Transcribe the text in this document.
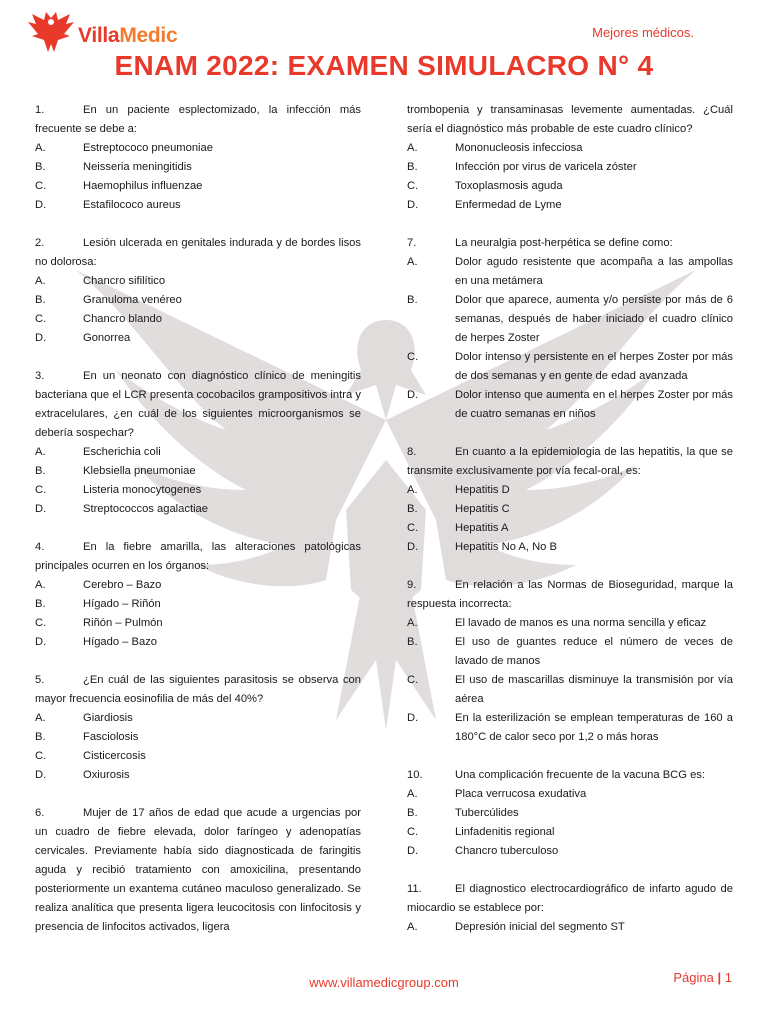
VillaMedic	Mejores médicos.
ENAM 2022: EXAMEN SIMULACRO N° 4
1.	En un paciente esplectomizado, la infección más frecuente se debe a:
A.	Estreptococo pneumoniae
B.	Neisseria meningitidis
C.	Haemophilus influenzae
D.	Estafilococo aureus
2.	Lesión ulcerada en genitales indurada y de bordes lisos no dolorosa:
A.	Chancro sifilítico
B.	Granuloma venéreo
C.	Chancro blando
D.	Gonorrea
3.	En un neonato con diagnóstico clínico de meningitis bacteriana que el LCR presenta cocobacilos grampositivos intra y extracelulares, ¿en cuál de los siguientes microorganismos se debería sospechar?
A.	Escherichia coli
B.	Klebsiella pneumoniae
C.	Listeria monocytogenes
D.	Streptococcos agalactiae
4.	En la fiebre amarilla, las alteraciones patológicas principales ocurren en los órganos:
A.	Cerebro – Bazo
B.	Hígado – Riñón
C.	Riñón – Pulmón
D.	Hígado – Bazo
5.	¿En cuál de las siguientes parasitosis se observa con mayor frecuencia eosinofilia de más del 40%?
A.	Giardiosis
B.	Fasciolosis
C.	Cisticercosis
D.	Oxiurosis
6.	Mujer de 17 años de edad que acude a urgencias por un cuadro de fiebre elevada, dolor faríngeo y adenopatías cervicales. Previamente había sido diagnosticada de faringitis aguda y recibió tratamiento con amoxicilina, presentando posteriormente un exantema cutáneo maculoso generalizado. Se realiza analítica que presenta ligera leucocitosis con linfocitosis y presencia de linfocitos activados, ligera
trombopenia y transaminasas levemente aumentadas. ¿Cuál sería el diagnóstico más probable de este cuadro clínico?
A.	Mononucleosis infecciosa
B.	Infección por virus de varicela zóster
C.	Toxoplasmosis aguda
D.	Enfermedad de Lyme
7.	La neuralgia post-herpética se define como:
A.	Dolor agudo resistente que acompaña a las ampollas en una metámera
B.	Dolor que aparece, aumenta y/o persiste por más de 6 semanas, después de haber iniciado el cuadro clínico de herpes Zoster
C.	Dolor intenso y persistente en el herpes Zoster por más de dos semanas y en gente de edad avanzada
D.	Dolor intenso que aumenta en el herpes Zoster por más de cuatro semanas en niños
8.	En cuanto a la epidemiologia de las hepatitis, la que se transmite exclusivamente por vía fecal-oral, es:
A.	Hepatitis D
B.	Hepatitis C
C.	Hepatitis A
D.	Hepatitis No A, No B
9.	En relación a las Normas de Bioseguridad, marque la respuesta incorrecta:
A.	El lavado de manos es una norma sencilla y eficaz
B.	El uso de guantes reduce el número de veces de lavado de manos
C.	El uso de mascarillas disminuye la transmisión por vía aérea
D.	En la esterilización se emplean temperaturas de 160 a 180°C de calor seco por 1,2 o más horas
10.	Una complicación frecuente de la vacuna BCG es:
A.	Placa verrucosa exudativa
B.	Tubercúlides
C.	Linfadenitis regional
D.	Chancro tuberculoso
11.	El diagnostico electrocardiográfico de infarto agudo de miocardio se establece por:
A.	Depresión inicial del segmento ST
www.villamedicgroup.com	Página | 1
